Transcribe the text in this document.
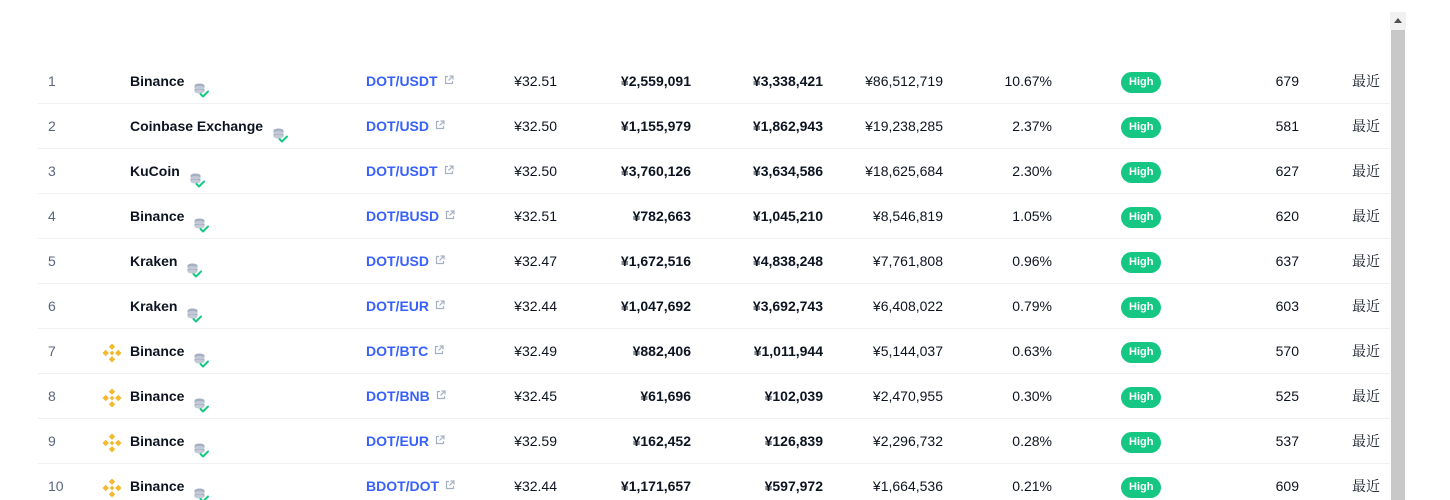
1	Binance	DOT/USDT	¥32.51	¥2,559,091	¥3,338,421	¥86,512,719	10.67%	High	679	最近
2	Coinbase Exchange	DOT/USD	¥32.50	¥1,155,979	¥1,862,943	¥19,238,285	2.37%	High	581	最近
3	KuCoin	DOT/USDT	¥32.50	¥3,760,126	¥3,634,586	¥18,625,684	2.30%	High	627	最近
4	Binance	DOT/BUSD	¥32.51	¥782,663	¥1,045,210	¥8,546,819	1.05%	High	620	最近
5	Kraken	DOT/USD	¥32.47	¥1,672,516	¥4,838,248	¥7,761,808	0.96%	High	637	最近
6	Kraken	DOT/EUR	¥32.44	¥1,047,692	¥3,692,743	¥6,408,022	0.79%	High	603	最近
7	Binance	DOT/BTC	¥32.49	¥882,406	¥1,011,944	¥5,144,037	0.63%	High	570	最近
8	Binance	DOT/BNB	¥32.45	¥61,696	¥102,039	¥2,470,955	0.30%	High	525	最近
9	Binance	DOT/EUR	¥32.59	¥162,452	¥126,839	¥2,296,732	0.28%	High	537	最近
10	Binance	BDOT/DOT	¥32.44	¥1,171,657	¥597,972	¥1,664,536	0.21%	High	609	最近
